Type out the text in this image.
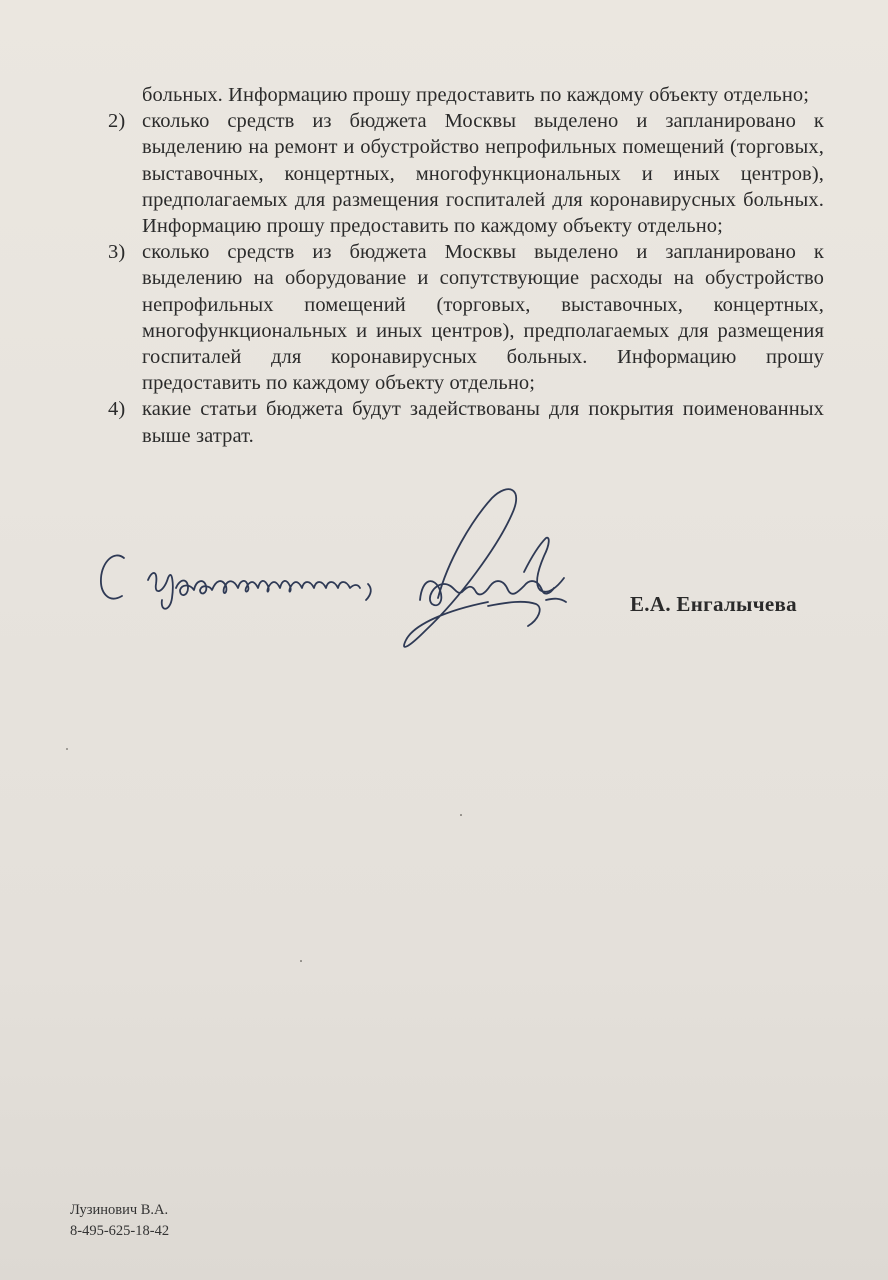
больных. Информацию прошу предоставить по каждому объекту отдельно;
2) сколько средств из бюджета Москвы выделено и запланировано к выделению на ремонт и обустройство непрофильных помещений (торговых, выставочных, концертных, многофункциональных и иных центров), предполагаемых для размещения госпиталей для коронавирусных больных. Информацию прошу предоставить по каждому объекту отдельно;
3) сколько средств из бюджета Москвы выделено и запланировано к выделению на оборудование и сопутствующие расходы на обустройство непрофильных помещений (торговых, выставочных, концертных, многофункциональных и иных центров), предполагаемых для размещения госпиталей для коронавирусных больных. Информацию прошу предоставить по каждому объекту отдельно;
4) какие статьи бюджета будут задействованы для покрытия поименованных выше затрат.
Е.А. Енгалычева
Лузинович В.А.
8-495-625-18-42
